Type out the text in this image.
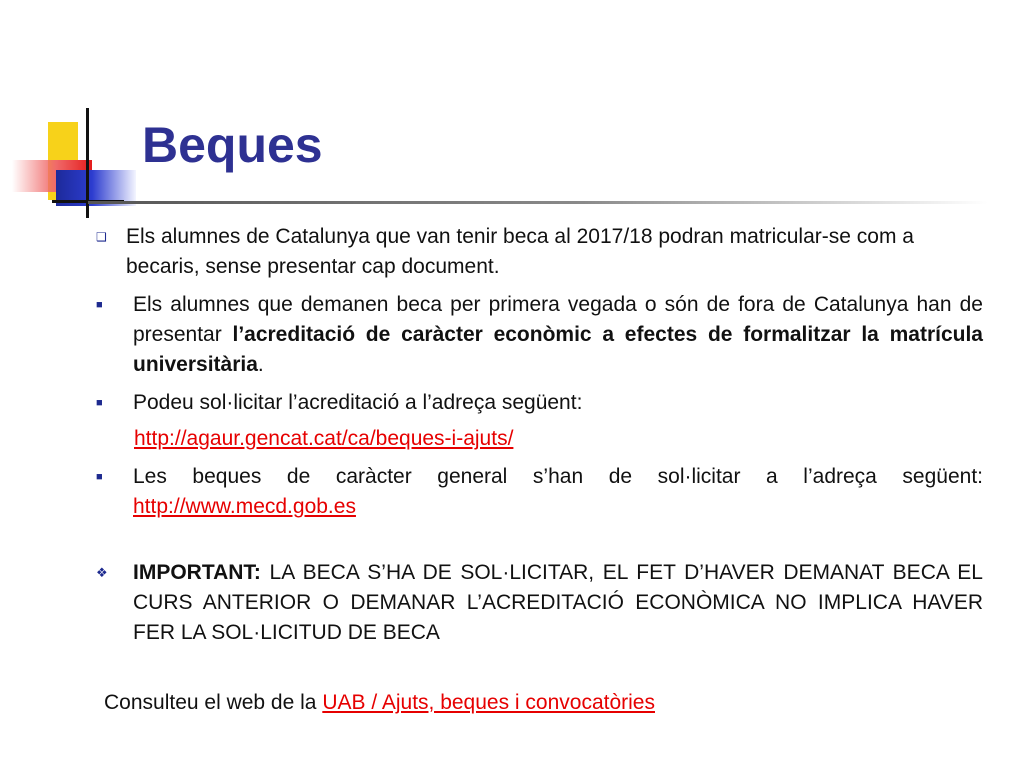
Beques
❑ Els alumnes de Catalunya que van tenir beca al 2017/18 podran matricular-se com a becaris, sense presentar cap document.
■ Els alumnes que demanen beca per primera vegada o són de fora de Catalunya han de presentar l’acreditació de caràcter econòmic a efectes de formalitzar la matrícula universitària.
■ Podeu sol·licitar l’acreditació a l’adreça següent:
http://agaur.gencat.cat/ca/beques-i-ajuts/
■ Les beques de caràcter general s’han de sol·licitar a l’adreça següent: http://www.mecd.gob.es
❖ IMPORTANT: LA BECA S’HA DE SOL·LICITAR, EL FET D’HAVER DEMANAT BECA EL CURS ANTERIOR O DEMANAR L’ACREDITACIÓ ECONÒMICA NO IMPLICA HAVER FER LA SOL·LICITUD DE BECA
Consulteu el web de la UAB / Ajuts, beques i convocatòries
